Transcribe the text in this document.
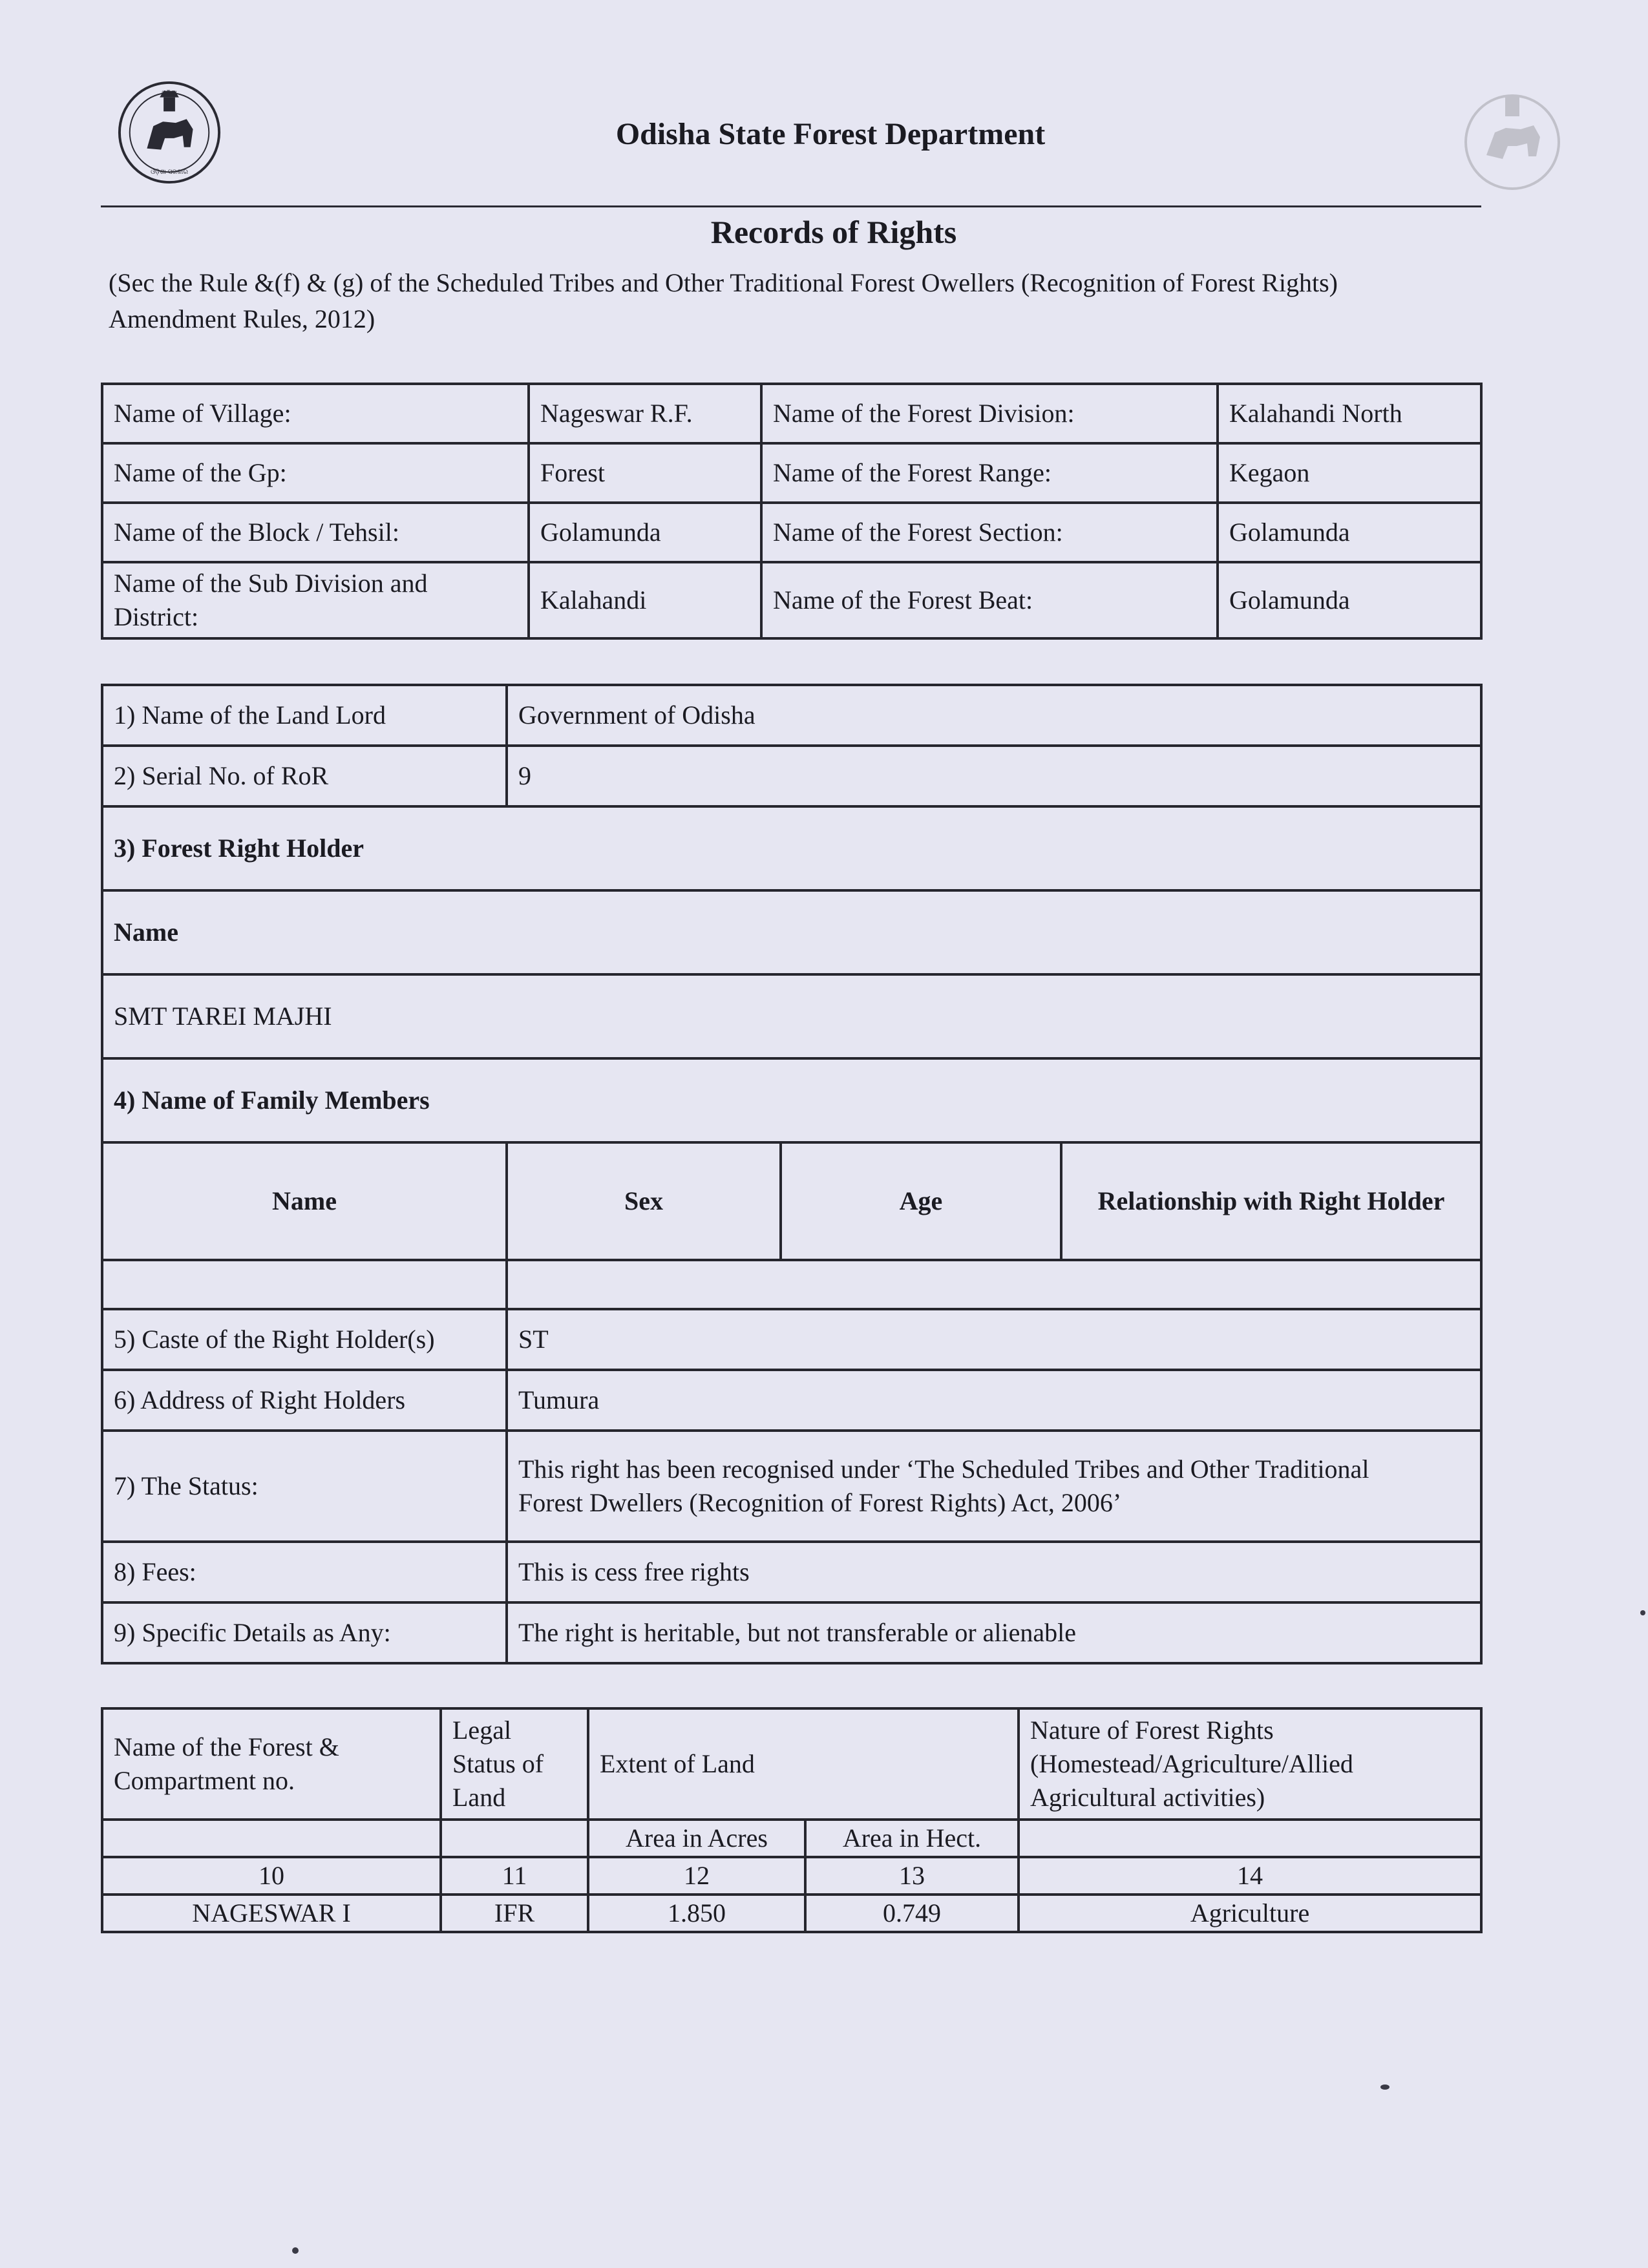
ଓଡ଼ିଶା
ଓଡ଼ିଶା ସରକାର
Odisha State Forest Department
Records of Rights
(Sec the Rule &(f) & (g) of the Scheduled Tribes and Other Traditional Forest Owellers (Recognition of Forest Rights) Amendment Rules, 2012)
Name of Village:	Nageswar R.F.	Name of the Forest Division:	Kalahandi North
Name of the Gp:	Forest	Name of the Forest Range:	Kegaon
Name of the Block / Tehsil:	Golamunda	Name of the Forest Section:	Golamunda
Name of the Sub Division and District:	Kalahandi	Name of the Forest Beat:	Golamunda
1) Name of the Land Lord	Government of Odisha		
2) Serial No. of RoR	9		
3) Forest Right Holder			
Name			
SMT TAREI MAJHI			
4) Name of Family Members			
Name	Sex	Age	Relationship with Right Holder

5) Caste of the Right Holder(s)	ST		
6) Address of Right Holders	Tumura		
7) The Status:	This right has been recognised under ‘The Scheduled Tribes and Other Traditional
Forest Dwellers (Recognition of Forest Rights) Act, 2006’		

8) Fees:	This is cess free rights		
9) Specific Details as Any:	The right is heritable, but not transferable or alienable		
Name of the Forest & Compartment no.	Legal Status of Land	Extent of Land		Nature of Forest Rights (Homestead/Agriculture/Allied Agricultural activities)
		Area in Acres	Area in Hect.	
10	11	12	13	14
NAGESWAR I	IFR	1.850	0.749	Agriculture
